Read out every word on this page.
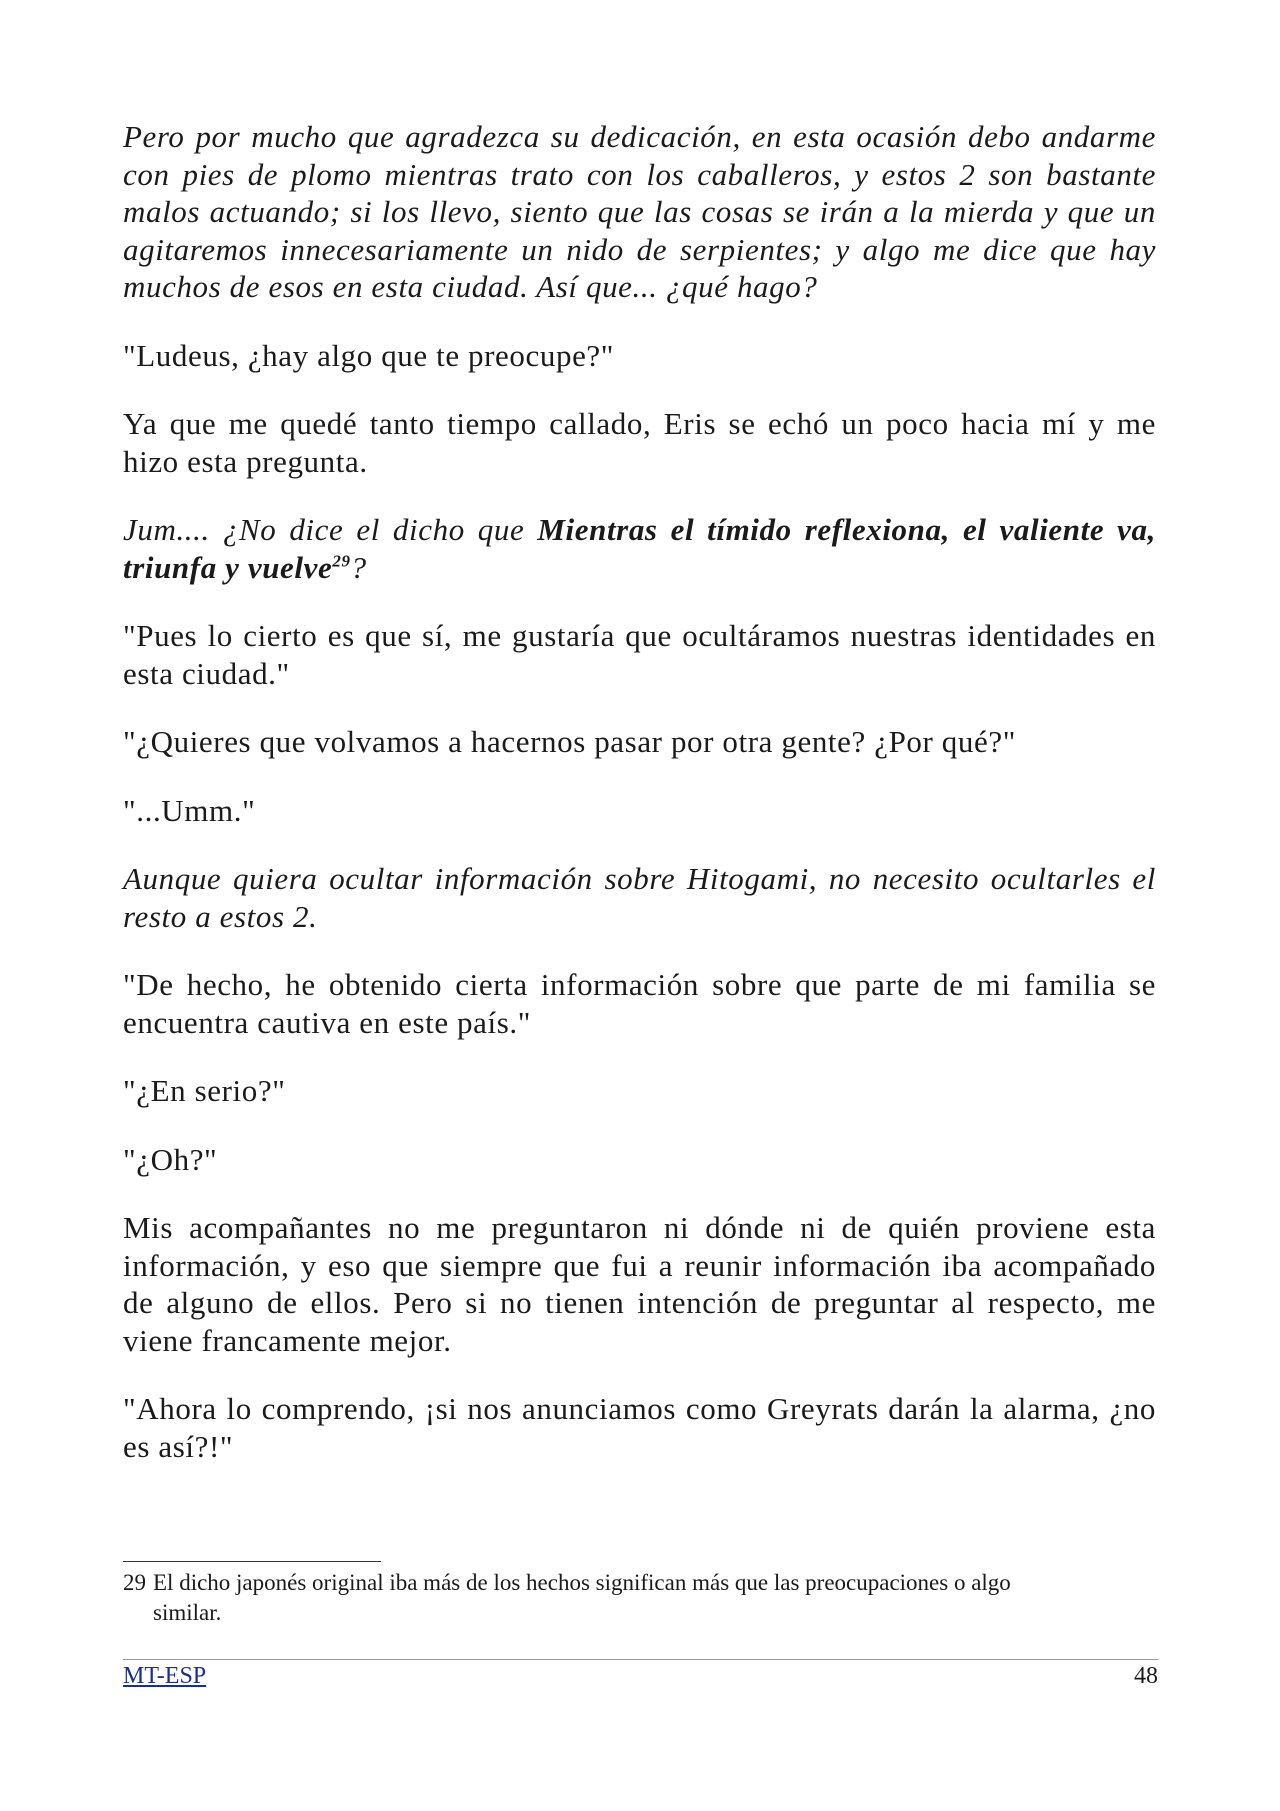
Pero por mucho que agradezca su dedicación, en esta ocasión debo andarme con pies de plomo mientras trato con los caballeros, y estos 2 son bastante malos actuando; si los llevo, siento que las cosas se irán a la mierda y que un agitaremos innecesariamente un nido de serpientes; y algo me dice que hay muchos de esos en esta ciudad. Así que... ¿qué hago?

"Ludeus, ¿hay algo que te preocupe?"

Ya que me quedé tanto tiempo callado, Eris se echó un poco hacia mí y me hizo esta pregunta.

Jum.... ¿No dice el dicho que Mientras el tímido reflexiona, el valiente va, triunfa y vuelve$^{29}$?

"Pues lo cierto es que sí, me gustaría que ocultáramos nuestras identidades en esta ciudad."

"¿Quieres que volvamos a hacernos pasar por otra gente? ¿Por qué?"

"...Umm."

Aunque quiera ocultar información sobre Hitogami, no necesito ocultarles el resto a estos 2.

"De hecho, he obtenido cierta información sobre que parte de mi familia se encuentra cautiva en este país."

"¿En serio?"

"¿Oh?"

Mis acompañantes no me preguntaron ni dónde ni de quién proviene esta información, y eso que siempre que fui a reunir información iba acompañado de alguno de ellos. Pero si no tienen intención de preguntar al respecto, me viene francamente mejor.

"Ahora lo comprendo, ¡si nos anunciamos como Greyrats darán la alarma, ¿no es así?!"

29 El dicho japonés original iba más de los hechos significan más que las preocupaciones o algo
similar.
MT-ESP	48
